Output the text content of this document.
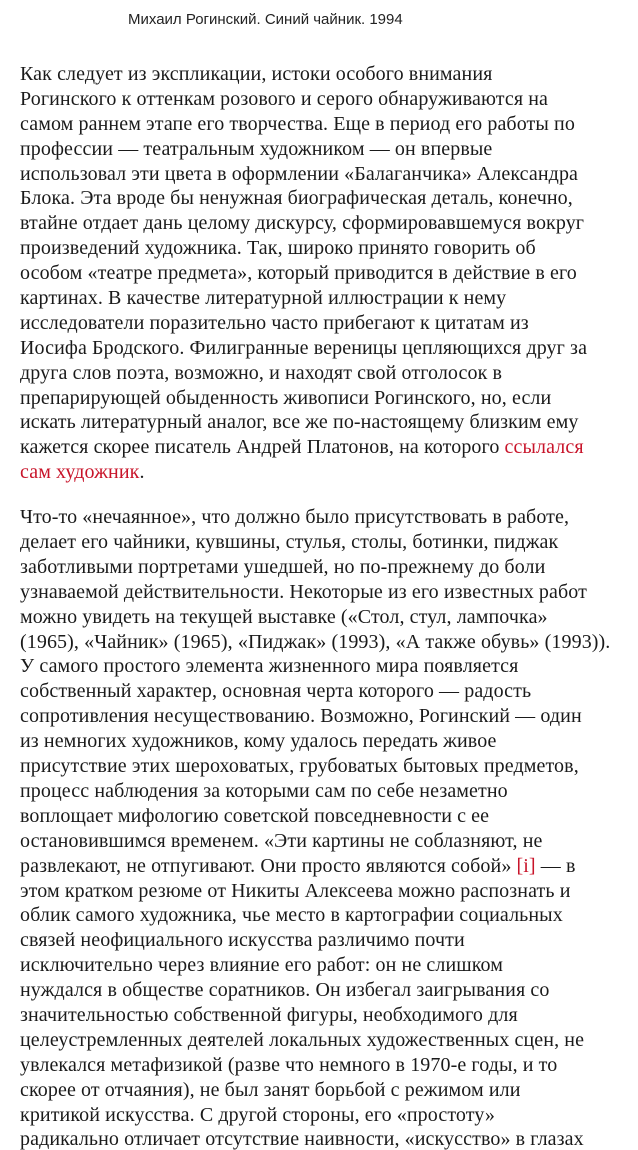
Михаил Рогинский. Синий чайник. 1994
Как следует из экспликации, истоки особого внимания
Рогинского к оттенкам розового и серого обнаруживаются на
самом раннем этапе его творчества. Еще в период его работы по
профессии — театральным художником — он впервые
использовал эти цвета в оформлении «Балаганчика» Александра
Блока. Эта вроде бы ненужная биографическая деталь, конечно,
втайне отдает дань целому дискурсу, сформировавшемуся вокруг
произведений художника. Так, широко принято говорить об
особом «театре предмета», который приводится в действие в его
картинах. В качестве литературной иллюстрации к нему
исследователи поразительно часто прибегают к цитатам из
Иосифа Бродского. Филигранные вереницы цепляющихся друг за
друга слов поэта, возможно, и находят свой отголосок в
препарирующей обыденность живописи Рогинского, но, если
искать литературный аналог, все же по-настоящему близким ему
кажется скорее писатель Андрей Платонов, на которого ссылался
сам художник.
Что-то «нечаянное», что должно было присутствовать в работе,
делает его чайники, кувшины, стулья, столы, ботинки, пиджак
заботливыми портретами ушедшей, но по-прежнему до боли
узнаваемой действительности. Некоторые из его известных работ
можно увидеть на текущей выставке («Стол, стул, лампочка»
(1965), «Чайник» (1965), «Пиджак» (1993), «А также обувь» (1993)).
У самого простого элемента жизненного мира появляется
собственный характер, основная черта которого — радость
сопротивления несуществованию. Возможно, Рогинский — один
из немногих художников, кому удалось передать живое
присутствие этих шероховатых, грубоватых бытовых предметов,
процесс наблюдения за которыми сам по себе незаметно
воплощает мифологию советской повседневности с ее
остановившимся временем. «Эти картины не соблазняют, не
развлекают, не отпугивают. Они просто являются собой» [i] — в
этом кратком резюме от Никиты Алексеева можно распознать и
облик самого художника, чье место в картографии социальных
связей неофициального искусства различимо почти
исключительно через влияние его работ: он не слишком
нуждался в обществе соратников. Он избегал заигрывания со
значительностью собственной фигуры, необходимого для
целеустремленных деятелей локальных художественных сцен, не
увлекался метафизикой (разве что немного в 1970-е годы, и то
скорее от отчаяния), не был занят борьбой с режимом или
критикой искусства. С другой стороны, его «простоту»
радикально отличает отсутствие наивности, «искусство» в глазах
